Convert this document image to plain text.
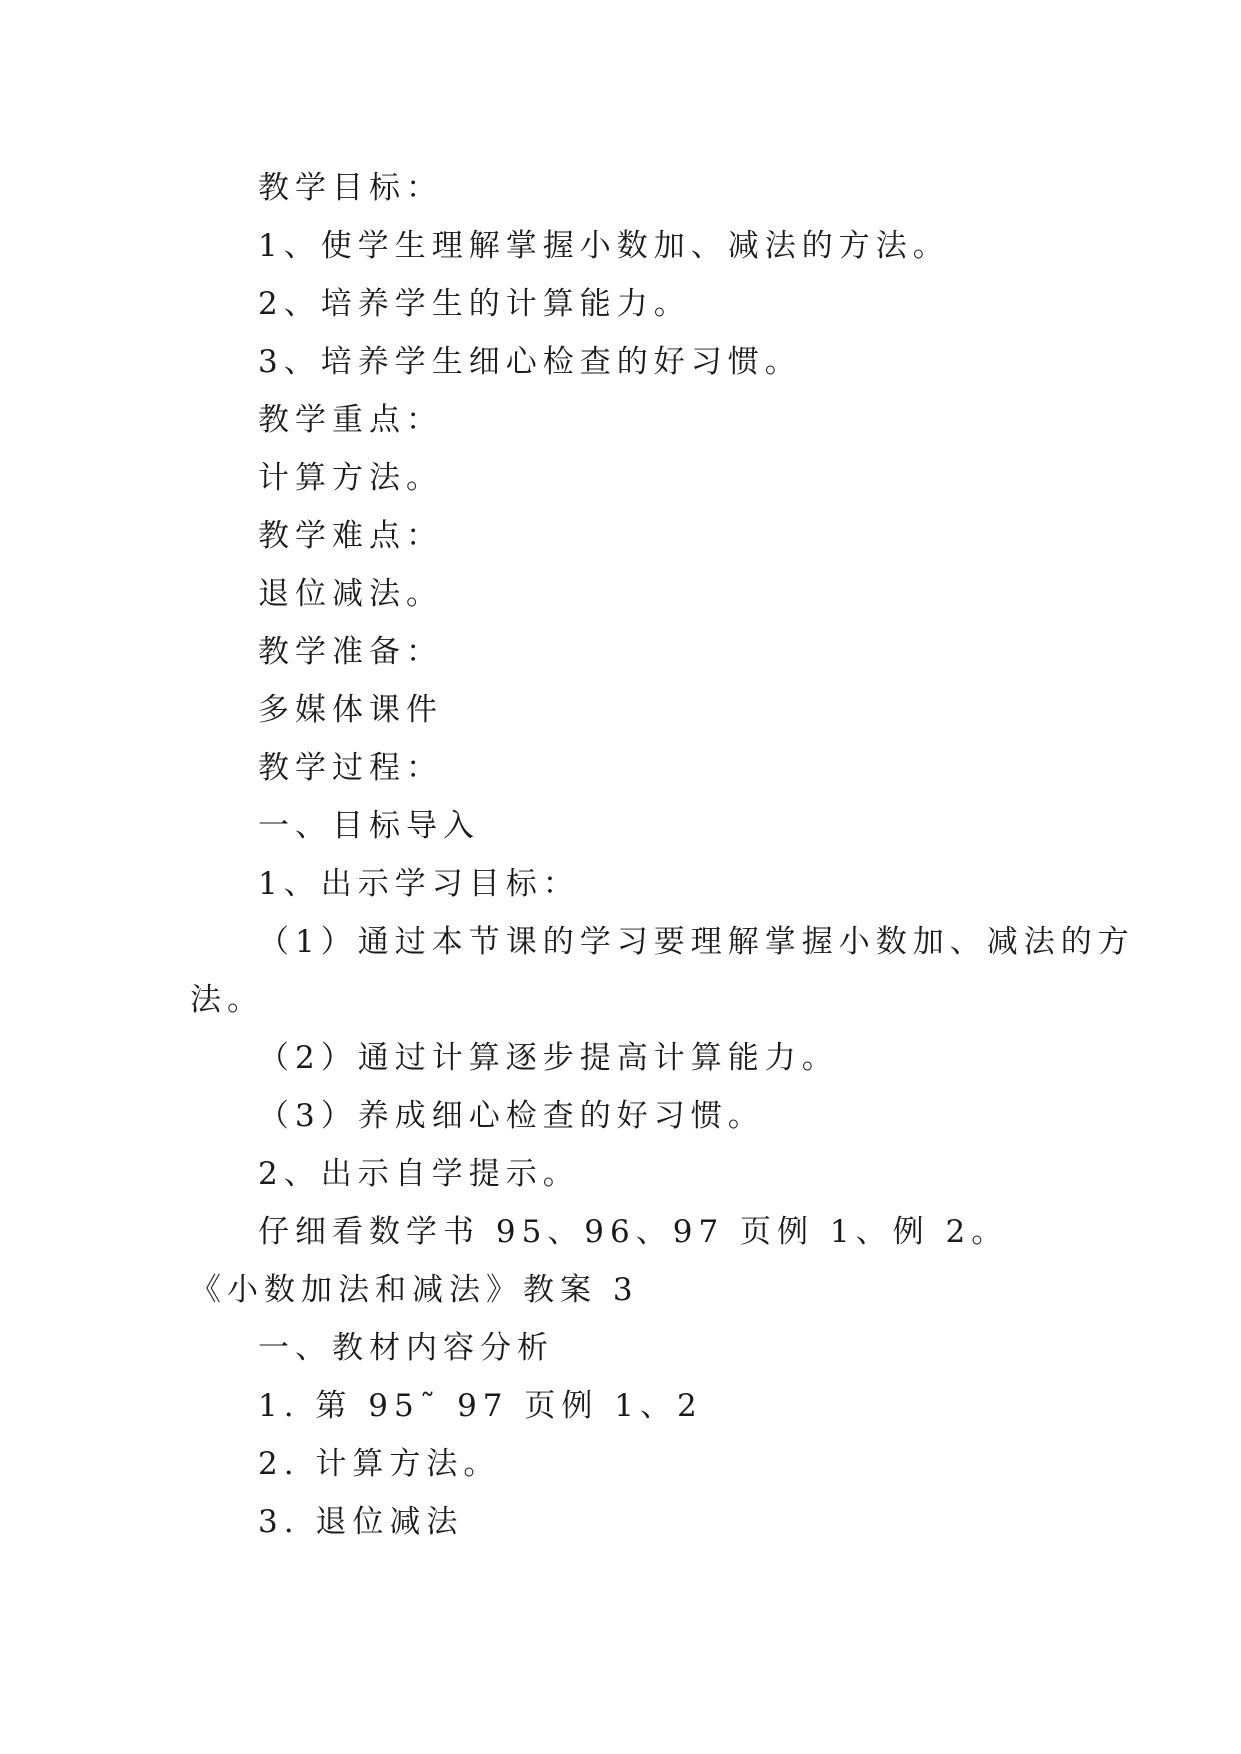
教学目标：
1、使学生理解掌握小数加、减法的方法。
2、培养学生的计算能力。
3、培养学生细心检查的好习惯。
教学重点：
计算方法。
教学难点：
退位减法。
教学准备：
多媒体课件
教学过程：
一、目标导入
1、出示学习目标：
（1）通过本节课的学习要理解掌握小数加、减法的方
法。
（2）通过计算逐步提高计算能力。
（3）养成细心检查的好习惯。
2、出示自学提示。
仔细看数学书 95、96、97 页例 1、例 2。
《小数加法和减法》教案 3
一、教材内容分析
1. 第 95˜ 97 页例 1、2
2. 计算方法。
3. 退位减法
